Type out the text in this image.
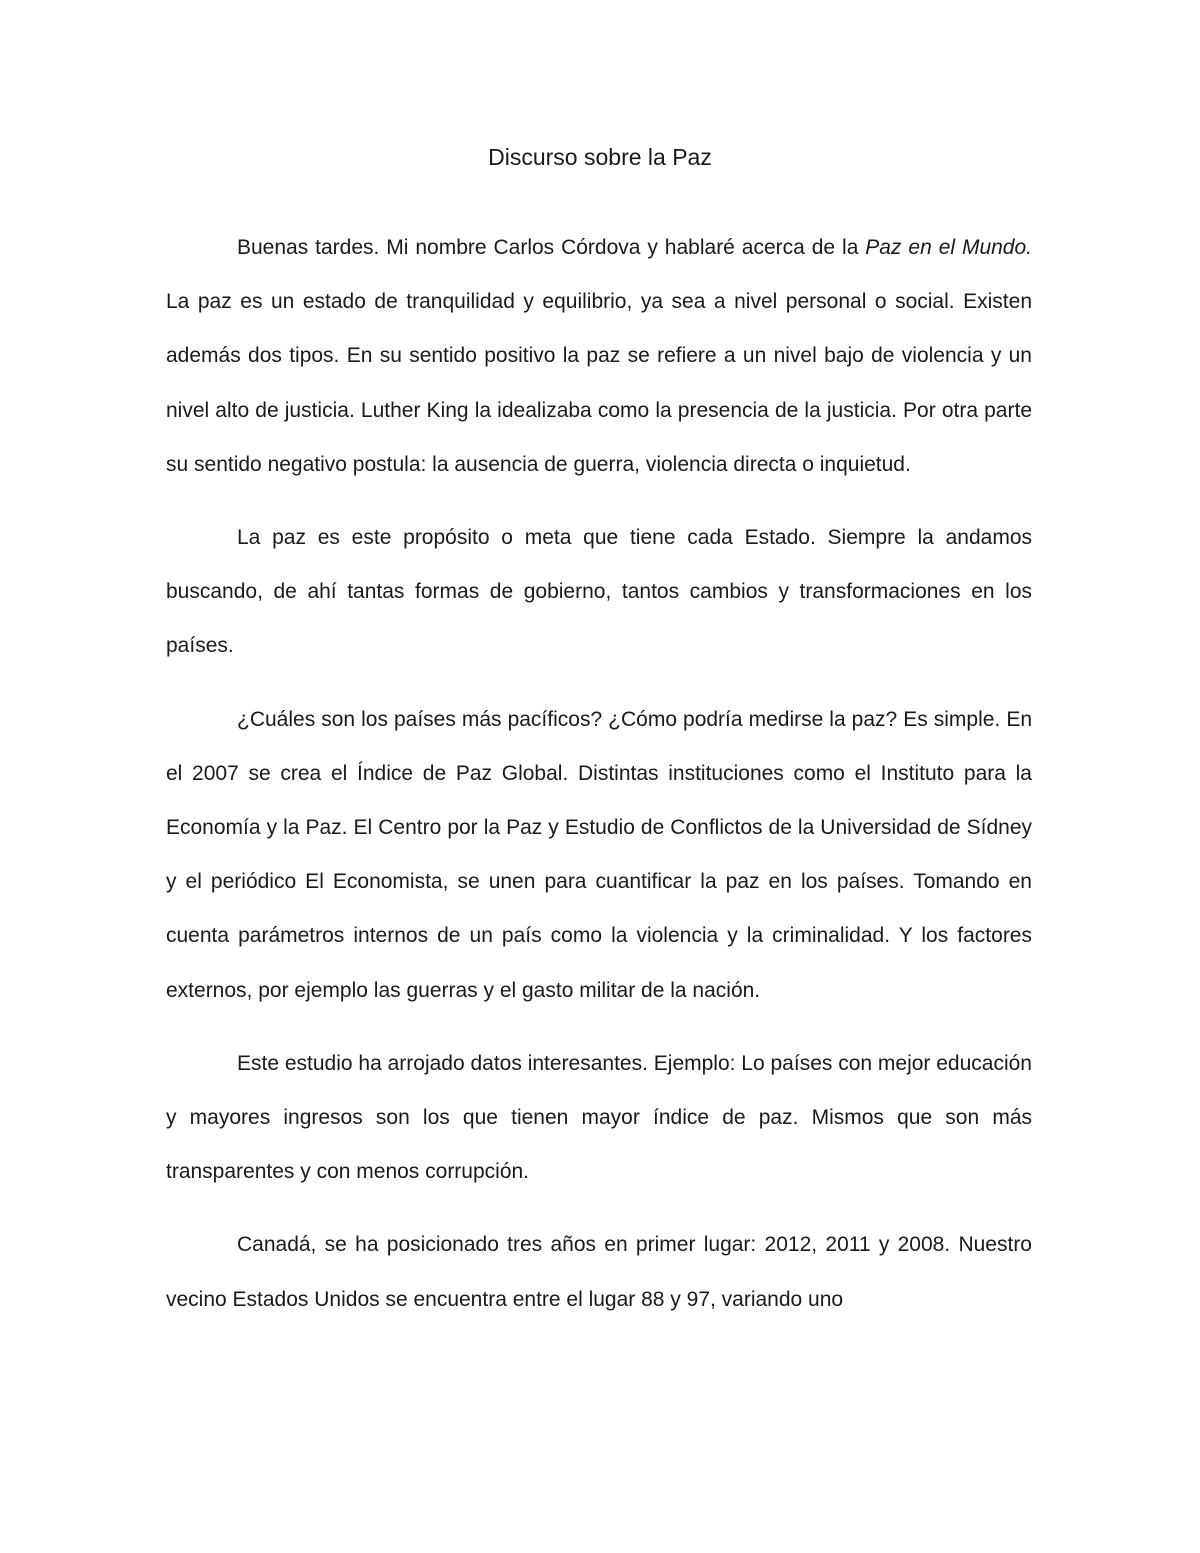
Discurso sobre la Paz

Buenas tardes. Mi nombre Carlos Córdova y hablaré acerca de la Paz en el Mundo.  La paz es un estado de tranquilidad y equilibrio, ya sea a nivel personal o social. Existen además dos tipos. En su sentido positivo la paz se refiere a un nivel bajo de violencia y un nivel alto de justicia. Luther King la idealizaba como la presencia de la justicia. Por otra parte su sentido negativo postula: la ausencia de guerra, violencia directa o inquietud.

La paz es este propósito o meta que tiene cada Estado. Siempre la andamos buscando, de ahí tantas formas de gobierno, tantos cambios y transformaciones en los países.

¿Cuáles son los países más pacíficos? ¿Cómo podría medirse la paz? Es simple. En el 2007 se crea el Índice de Paz Global. Distintas instituciones como el Instituto para la Economía y la Paz. El Centro por la Paz y Estudio de Conflictos de la Universidad de Sídney y el periódico El Economista, se unen para cuantificar la paz en los países. Tomando en cuenta parámetros internos de un país como la violencia y la criminalidad. Y los factores externos, por ejemplo las guerras y el gasto militar de la nación.

Este estudio ha arrojado datos interesantes. Ejemplo: Lo países con mejor educación y mayores ingresos son los que tienen mayor índice de paz. Mismos que son más transparentes y con menos corrupción.

Canadá, se ha posicionado tres años en primer lugar: 2012, 2011 y 2008. Nuestro vecino Estados Unidos se encuentra entre el lugar 88 y 97, variando uno
